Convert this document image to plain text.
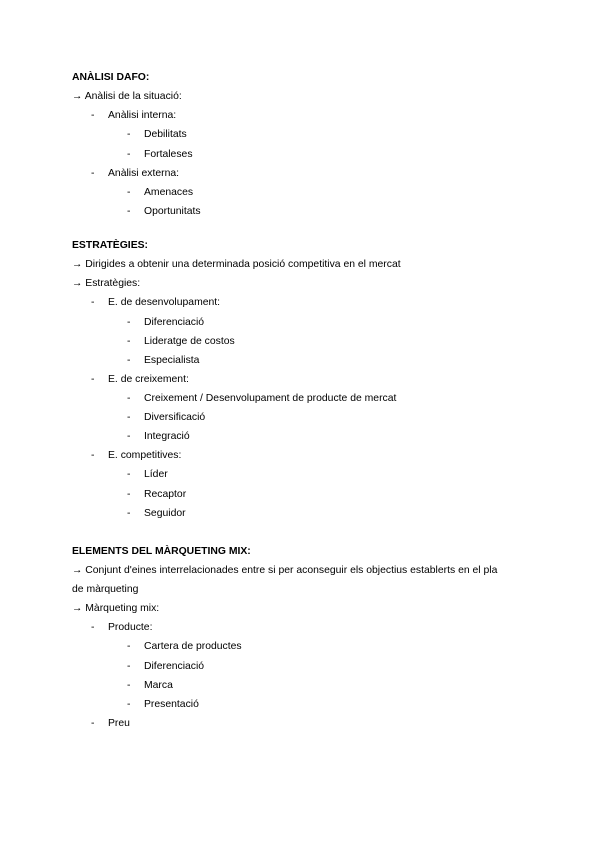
ANÀLISI DAFO:
→ Anàlisi de la situació:
- Anàlisi interna:
- Debilitats
- Fortaleses
- Anàlisi externa:
- Amenaces
- Oportunitats
ESTRATÈGIES:
→ Dirigides a obtenir una determinada posició competitiva en el mercat
→ Estratègies:
- E. de desenvolupament:
- Diferenciació
- Lideratge de costos
- Especialista
- E. de creixement:
- Creixement / Desenvolupament de producte de mercat
- Diversificació
- Integració
- E. competitives:
- Líder
- Recaptor
- Seguidor
ELEMENTS DEL MÀRQUETING MIX:
→ Conjunt d'eines interrelacionades entre si per aconseguir els objectius establerts en el pla
de màrqueting
→ Màrqueting mix:
- Producte:
- Cartera de productes
- Diferenciació
- Marca
- Presentació
- Preu
